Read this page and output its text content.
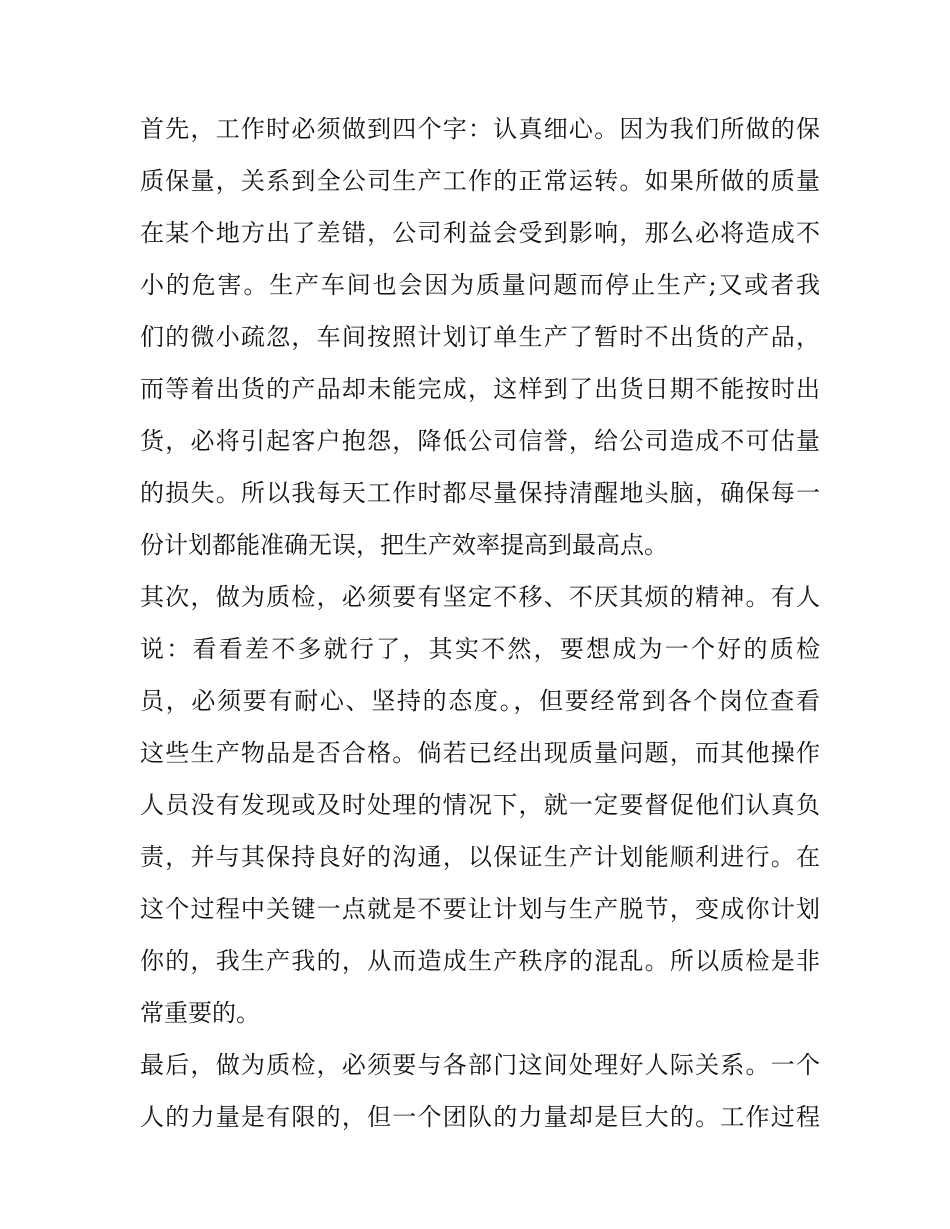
首先，工作时必须做到四个字：认真细心。因为我们所做的保
质保量，关系到全公司生产工作的正常运转。如果所做的质量
在某个地方出了差错，公司利益会受到影响，那么必将造成不
小的危害。生产车间也会因为质量问题而停止生产;又或者我
们的微小疏忽，车间按照计划订单生产了暂时不出货的产品，
而等着出货的产品却未能完成，这样到了出货日期不能按时出
货，必将引起客户抱怨，降低公司信誉，给公司造成不可估量
的损失。所以我每天工作时都尽量保持清醒地头脑，确保每一
份计划都能准确无误，把生产效率提高到最高点。
其次，做为质检，必须要有坚定不移、不厌其烦的精神。有人
说：看看差不多就行了，其实不然，要想成为一个好的质检
员，必须要有耐心、坚持的态度。，但要经常到各个岗位查看
这些生产物品是否合格。倘若已经出现质量问题，而其他操作
人员没有发现或及时处理的情况下，就一定要督促他们认真负
责，并与其保持良好的沟通，以保证生产计划能顺利进行。在
这个过程中关键一点就是不要让计划与生产脱节，变成你计划
你的，我生产我的，从而造成生产秩序的混乱。所以质检是非
常重要的。
最后，做为质检，必须要与各部门这间处理好人际关系。一个
人的力量是有限的，但一个团队的力量却是巨大的。工作过程
